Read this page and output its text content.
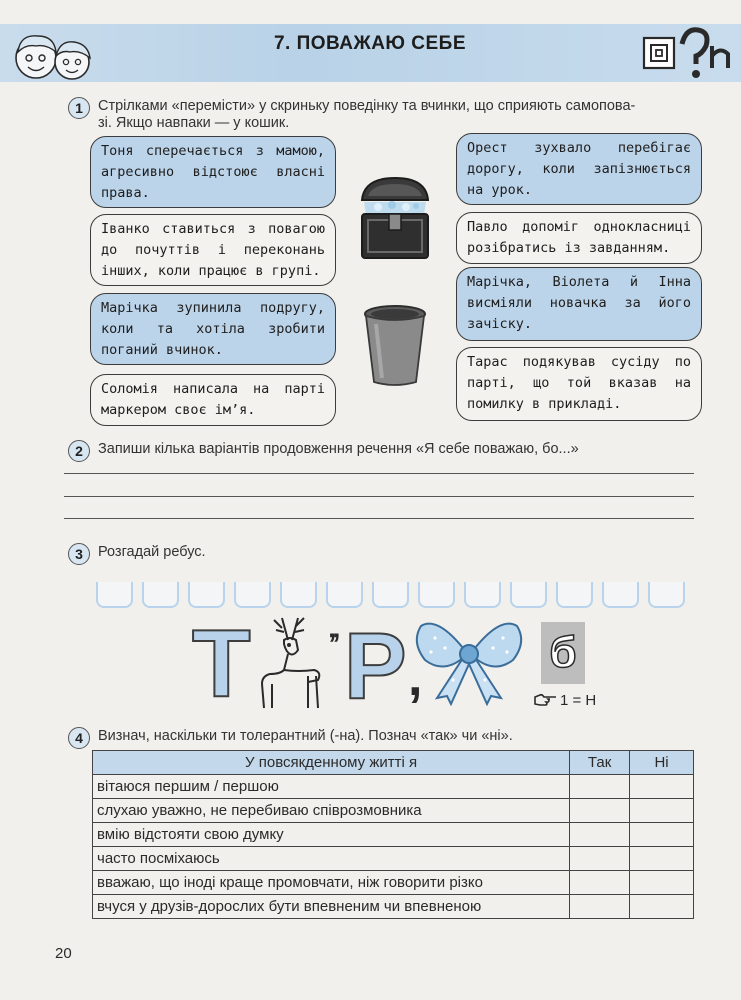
7. ПОВАЖАЮ СЕБЕ
1	Стрілками «перемісти» у скриньку поведінку та вчинки, що сприяють самопова-
зі. Якщо навпаки — у кошик.

Тоня сперечається з мамою, агресивно відстоює власні права.

Іванко ставиться з повагою до почуттів і переконань інших, коли працює в групі.

Марічка зупинила подругу, коли та хотіла зробити поганий вчинок.

Соломія написала на парті маркером своє ім’я.

Орест зухвало перебігає дорогу, коли запізнюється на урок.

Павло допоміг однокласниці розібратись із завданням.

Марічка, Віолета й Інна висміяли новачка за його зачіску.

Тарас подякував сусіду по парті, що той вказав на помилку в прикладі.

2	Запиши кілька варіантів продовження речення «Я себе поважаю, бо...»
3	Розгадай ребус.
Т	’’ Р ,	б
1 = Н
4	Визнач, наскільки ти толерантний (-на). Познач «так» чи «ні».
У повсякденному житті я	Так	Ні
вітаюся першим / першою		
слухаю уважно, не перебиваю співрозмовника		
вмію відстояти свою думку		
часто посміхаюсь		
вважаю, що іноді краще промовчати, ніж говорити різко		
вчуся у друзів-дорослих бути впевненим чи впевненою		
20
